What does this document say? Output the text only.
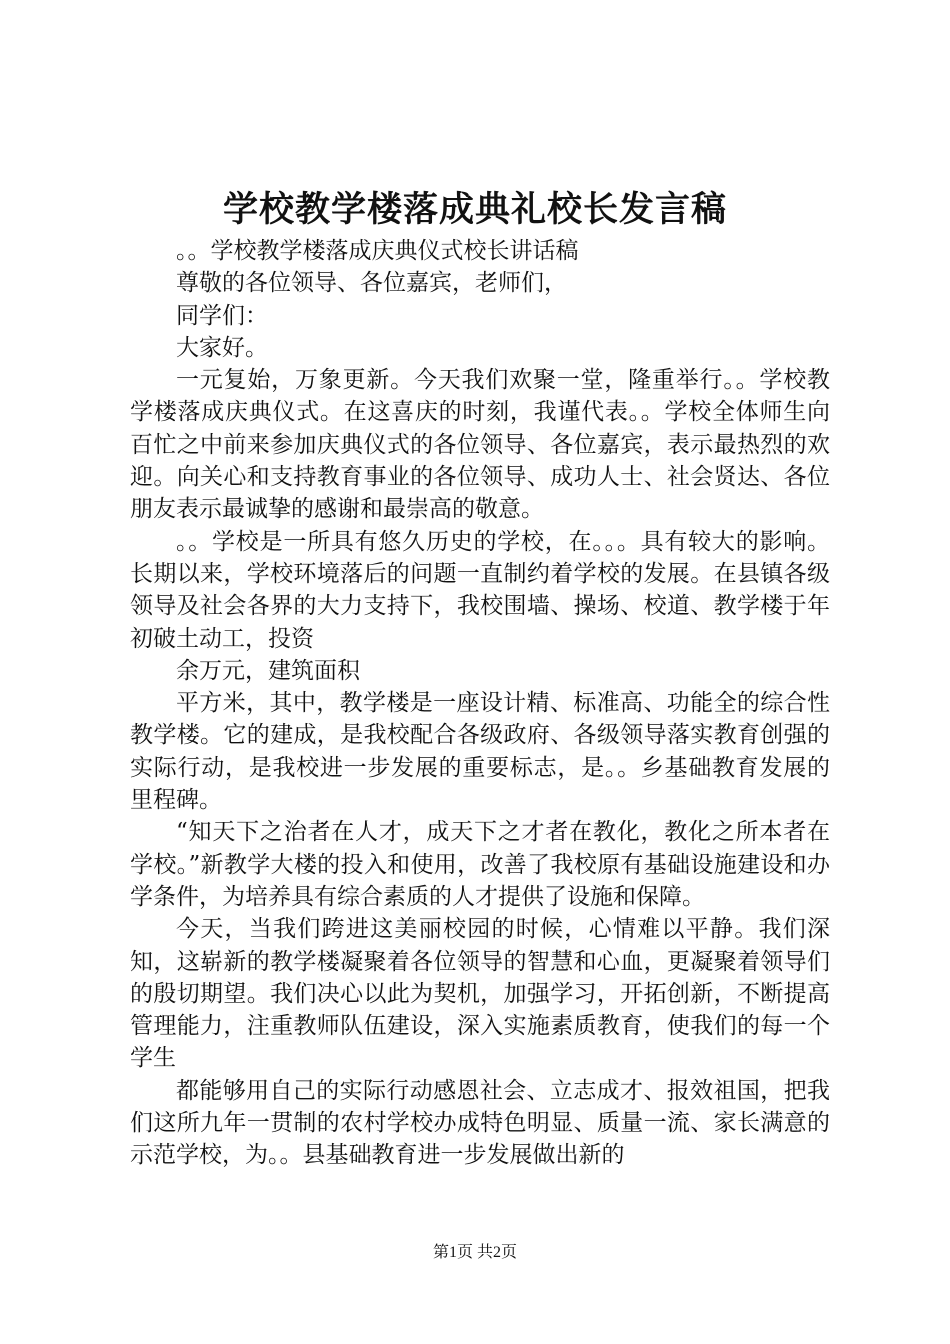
学校教学楼落成典礼校长发言稿

。。学校教学楼落成庆典仪式校长讲话稿

尊敬的各位领导、各位嘉宾，老师们，

同学们：

大家好。

一元复始，万象更新。今天我们欢聚一堂，隆重举行。。学校教学楼落成庆典仪式。在这喜庆的时刻，我谨代表。。学校全体师生向百忙之中前来参加庆典仪式的各位领导、各位嘉宾，表示最热烈的欢迎。向关心和支持教育事业的各位领导、成功人士、社会贤达、各位朋友表示最诚挚的感谢和最崇高的敬意。

。。学校是一所具有悠久历史的学校，在。。。具有较大的影响。长期以来，学校环境落后的问题一直制约着学校的发展。在县镇各级领导及社会各界的大力支持下，我校围墙、操场、校道、教学楼于年初破土动工，投资

余万元，建筑面积

平方米，其中，教学楼是一座设计精、标准高、功能全的综合性教学楼。它的建成，是我校配合各级政府、各级领导落实教育创强的实际行动，是我校进一步发展的重要标志，是。。乡基础教育发展的里程碑。

“知天下之治者在人才，成天下之才者在教化，教化之所本者在学校。”新教学大楼的投入和使用，改善了我校原有基础设施建设和办学条件，为培养具有综合素质的人才提供了设施和保障。

今天，当我们跨进这美丽校园的时候，心情难以平静。我们深知，这崭新的教学楼凝聚着各位领导的智慧和心血，更凝聚着领导们的殷切期望。我们决心以此为契机，加强学习，开拓创新，不断提高管理能力，注重教师队伍建设，深入实施素质教育，使我们的每一个学生

都能够用自己的实际行动感恩社会、立志成才、报效祖国，把我们这所九年一贯制的农村学校办成特色明显、质量一流、家长满意的示范学校，为。。县基础教育进一步发展做出新的

第1页 共2页
